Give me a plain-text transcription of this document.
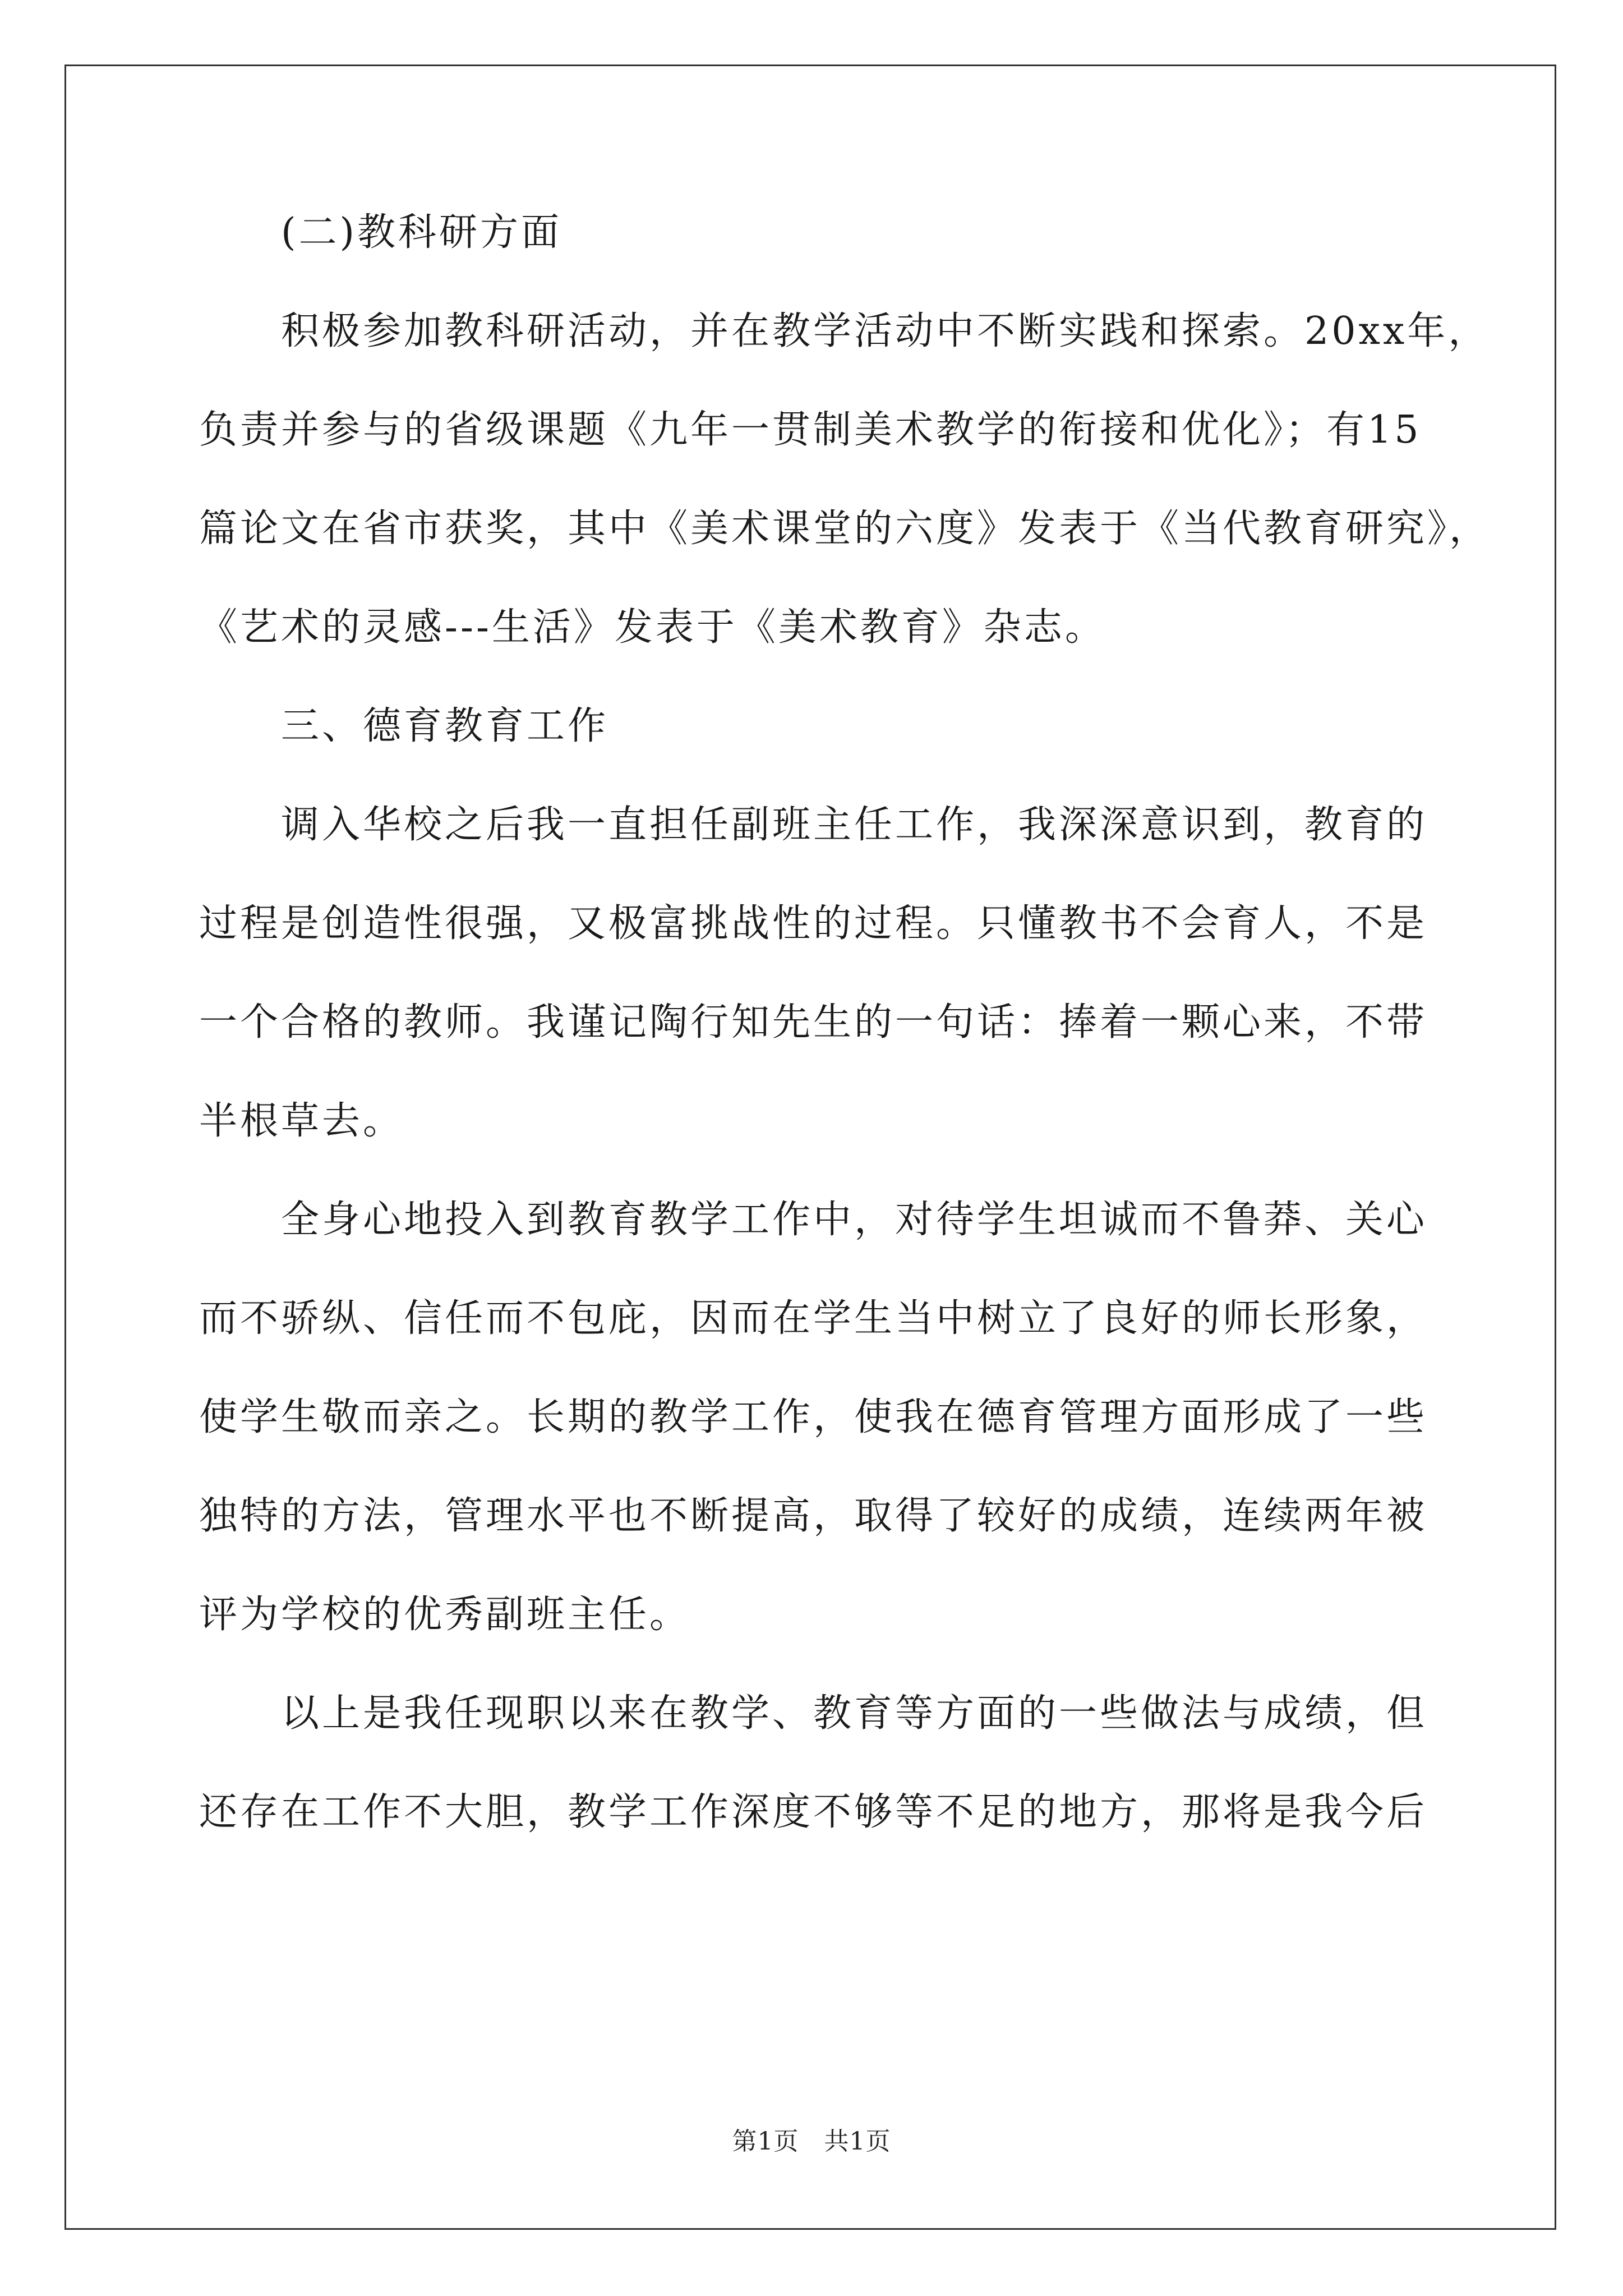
　　(二)教科研方面
　　积极参加教科研活动，并在教学活动中不断实践和探索。20xx年，
负责并参与的省级课题《九年一贯制美术教学的衔接和优化》；有15
篇论文在省市获奖，其中《美术课堂的六度》发表于《当代教育研究》，
《艺术的灵感---生活》发表于《美术教育》杂志。
　　三、德育教育工作
　　调入华校之后我一直担任副班主任工作，我深深意识到，教育的
过程是创造性很强，又极富挑战性的过程。只懂教书不会育人，不是
一个合格的教师。我谨记陶行知先生的一句话：捧着一颗心来，不带
半根草去。
　　全身心地投入到教育教学工作中，对待学生坦诚而不鲁莽、关心
而不骄纵、信任而不包庇，因而在学生当中树立了良好的师长形象，
使学生敬而亲之。长期的教学工作，使我在德育管理方面形成了一些
独特的方法，管理水平也不断提高，取得了较好的成绩，连续两年被
评为学校的优秀副班主任。
　　以上是我任现职以来在教学、教育等方面的一些做法与成绩，但
还存在工作不大胆，教学工作深度不够等不足的地方，那将是我今后
第1页　共1页
